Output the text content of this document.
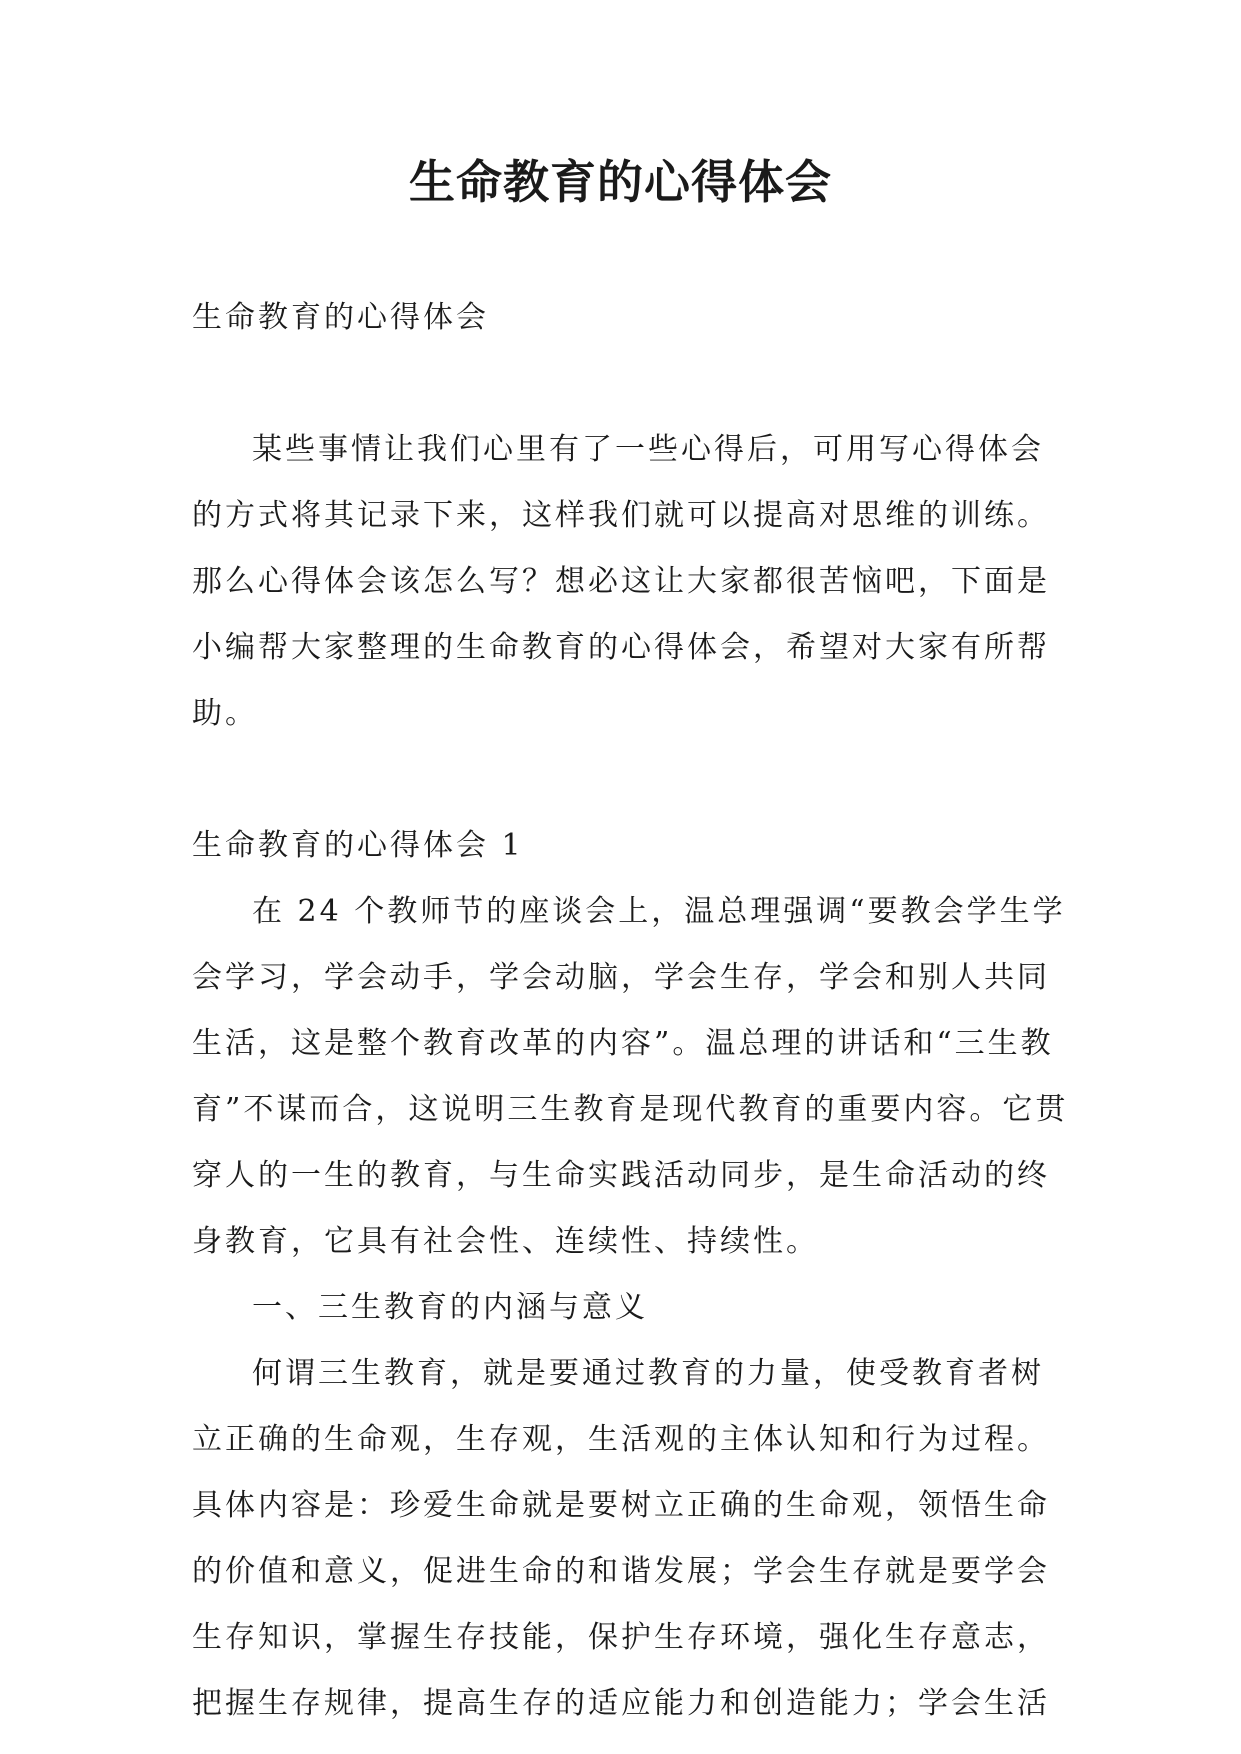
生命教育的心得体会

生命教育的心得体会

某些事情让我们心里有了一些心得后，可用写心得体会的方式将其记录下来，这样我们就可以提高对思维的训练。那么心得体会该怎么写？想必这让大家都很苦恼吧，下面是小编帮大家整理的生命教育的心得体会，希望对大家有所帮助。

生命教育的心得体会 1

在 24 个教师节的座谈会上，温总理强调“要教会学生学会学习，学会动手，学会动脑，学会生存，学会和别人共同生活，这是整个教育改革的内容”。温总理的讲话和“三生教育”不谋而合，这说明三生教育是现代教育的重要内容。它贯穿人的一生的教育，与生命实践活动同步，是生命活动的终身教育，它具有社会性、连续性、持续性。

一、三生教育的内涵与意义

何谓三生教育，就是要通过教育的力量，使受教育者树立正确的生命观，生存观，生活观的主体认知和行为过程。具体内容是：珍爱生命就是要树立正确的生命观，领悟生命的价值和意义，促进生命的和谐发展；学会生存就是要学会生存知识，掌握生存技能，保护生存环境，强化生存意志，把握生存规律，提高生存的适应能力和创造能力；学会生活
